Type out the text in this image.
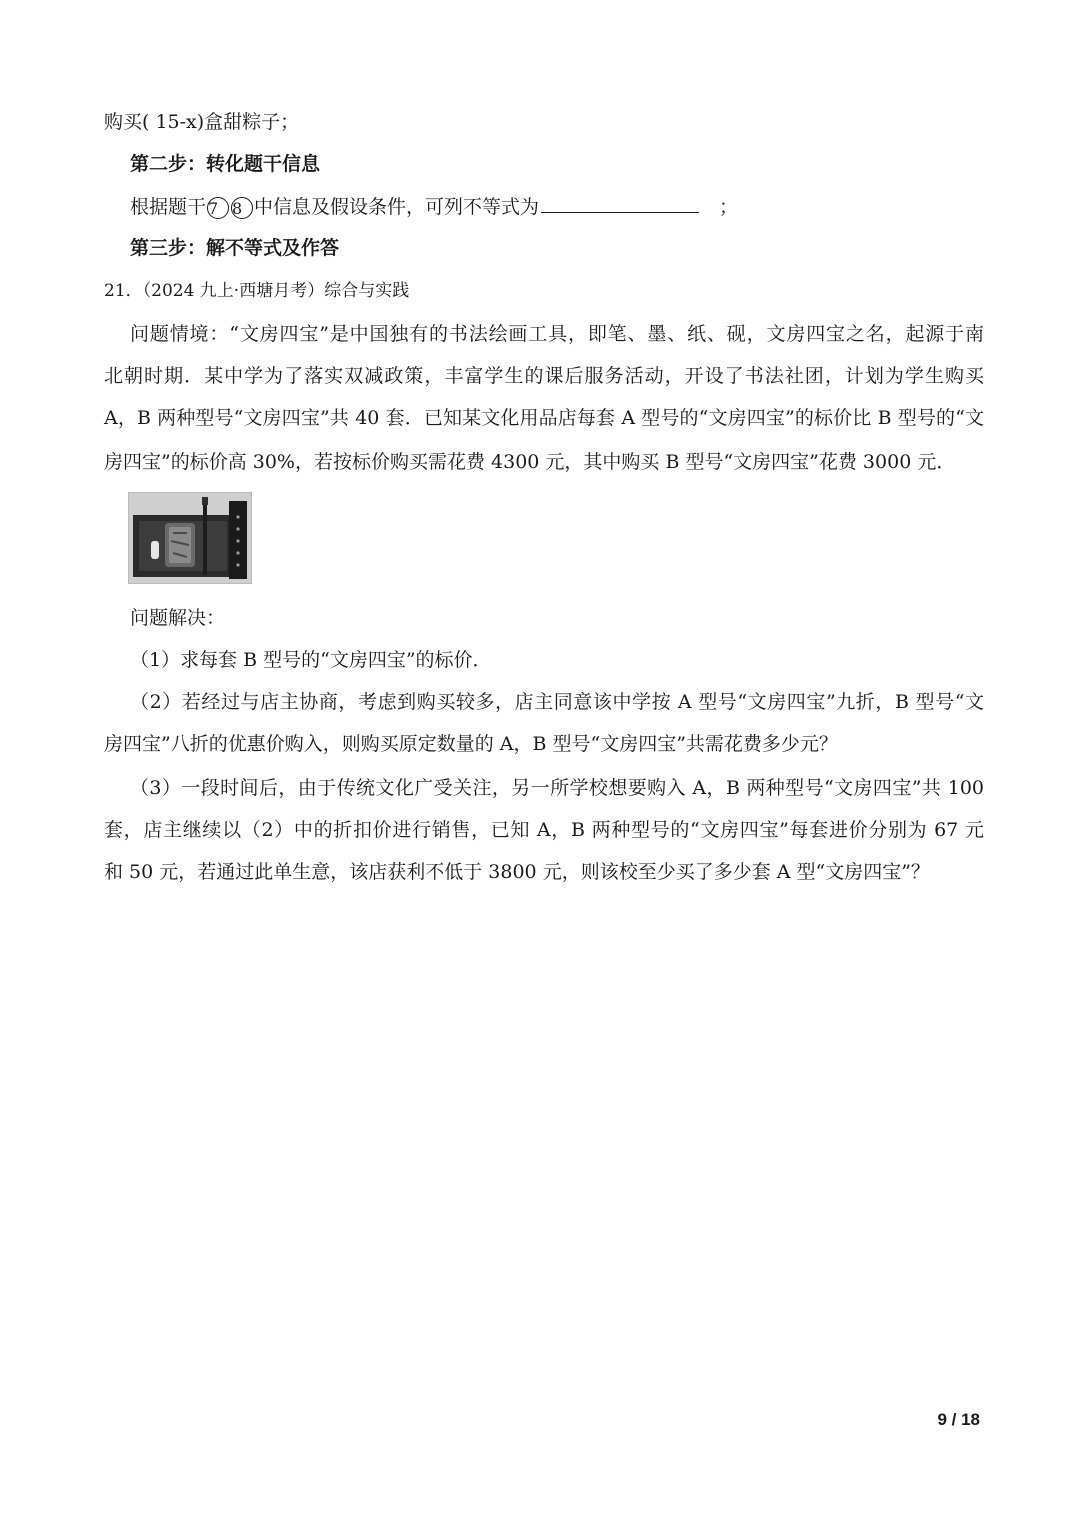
购买( 15-x)盒甜粽子；
第二步：转化题干信息
根据题干 7 8 中信息及假设条件，可列不等式为	；
第三步：解不等式及作答
21．（2024 九上·西塘月考）综合与实践
问题情境：“文房四宝”是中国独有的书法绘画工具，即笔、墨、纸、砚，文房四宝之名，起源于南
北朝时期．某中学为了落实双减政策，丰富学生的课后服务活动，开设了书法社团，计划为学生购买
A，B 两种型号“文房四宝”共 40 套．已知某文化用品店每套 A 型号的“文房四宝”的标价比 B 型号的“文
房四宝”的标价高 30%，若按标价购买需花费 4300 元，其中购买 B 型号“文房四宝”花费 3000 元．
问题解决：
（1）求每套 B 型号的“文房四宝”的标价．
（2）若经过与店主协商，考虑到购买较多，店主同意该中学按 A 型号“文房四宝”九折，B 型号“文
房四宝”八折的优惠价购入，则购买原定数量的 A，B 型号“文房四宝”共需花费多少元？
（3）一段时间后，由于传统文化广受关注，另一所学校想要购入 A，B 两种型号“文房四宝”共 100
套，店主继续以（2）中的折扣价进行销售，已知 A，B 两种型号的“文房四宝”每套进价分别为 67 元
和 50 元，若通过此单生意，该店获利不低于 3800 元，则该校至少买了多少套 A 型“文房四宝”？
9 / 18
